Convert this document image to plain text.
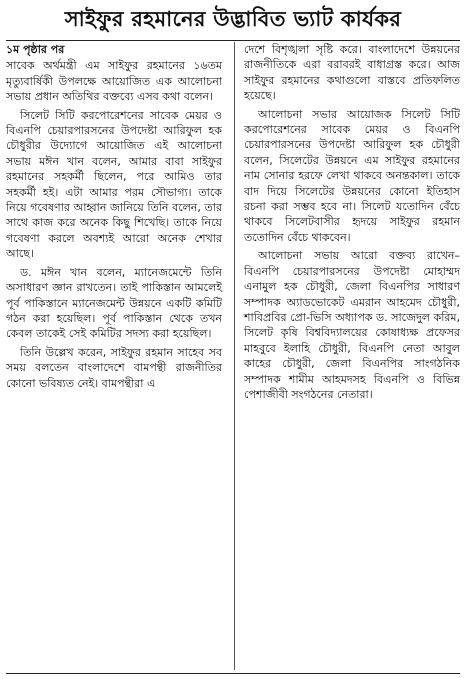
সাইফুর রহমানের উদ্ভাবিত ভ্যাট কার্যকর
১ম পৃষ্ঠার পর

সাবেক অর্থমন্ত্রী এম সাইফুর রহমানের ১৬তম মৃত্যুবার্ষিকী উপলক্ষে আয়োজিত এক আলোচনা সভায় প্রধান অতিথির বক্তব্যে এসব কথা বলেন।

সিলেট সিটি করপোরেশনের সাবেক মেয়র ও বিএনপি চেয়ারপারসনের উপদেষ্টা আরিফুল হক চৌধুরীর উদ্যোগে আয়োজিত এই আলোচনা সভায় মঈন খান বলেন, আমার বাবা সাইফুর রহমানের সহকর্মী ছিলেন, পরে আমিও তার সহকর্মী হই। এটা আমার পরম সৌভাগ্য। তাকে নিয়ে গবেষণার আহ্বান জানিয়ে তিনি বলেন, তার সাথে কাজ করে অনেক কিছু শিখেছি। তাকে নিয়ে গবেষণা করলে অবশ্যই আরো অনেক শেখার আছে।

ড. মঈন খান বলেন, ম্যানেজমেন্টে তিনি অসাধারণ জ্ঞান রাখতেন। তাই পাকিস্তান আমলেই পূর্ব পাকিস্তানে ম্যানেজমেন্ট উন্নয়নে একটি কমিটি গঠন করা হয়েছিল। পূর্ব পাকিস্তান থেকে তখন কেবল তাকেই সেই কমিটির সদস্য করা হয়েছিল।

তিনি উল্লেখ করেন, সাইফুর রহমান সাহেব সব সময় বলতেন বাংলাদেশে বামপন্থী রাজনীতির কোনো ভবিষ্যত নেই। বামপন্থীরা এ

দেশে বিশৃঙ্খলা সৃষ্টি করে। বাংলাদেশে উন্নয়নের রাজনীতিকে এরা বরাবরই বাধাগ্রস্ত করে। আজ সাইফুর রহমানের কথাগুলো বাস্তবে প্রতিফলিত হয়েছে।

আলোচনা সভার আয়োজক সিলেট সিটি করপোরেশনের সাবেক মেয়র ও বিএনপি চেয়ারপারসনের উপদেষ্টা আরিফুল হক চৌধুরী বলেন, সিলেটের উন্নয়নে এম সাইফুর রহমানের নাম সোনার হরফে লেখা থাকবে অনন্তকাল। তাকে বাদ দিয়ে সিলেটের উন্নয়নের কোনো ইতিহাস রচনা করা সম্ভব হবে না। সিলেট যতোদিন বেঁচে থাকবে সিলেটবাসীর হৃদয়ে সাইফুর রহমান ততোদিন বেঁচে থাকবেন।

আলোচনা সভায় আরো বক্তব্য রাখেন– বিএনপি চেয়ারপারসনের উপদেষ্টা মোহাম্মদ এনামুল হক চৌধুরী, জেলা বিএনপির সাধারণ সম্পাদক অ্যাডভোকেট এমরান আহমেদ চৌধুরী, শাবিপ্রবির প্রো-ভিসি অধ্যাপক ড. সাজেদুল করিম, সিলেট কৃষি বিশ্ববিদ্যালয়ের কোষাধ্যক্ষ প্রফেসর মাহবুবে ইলাহি চৌধুরী, বিএনপি নেতা আবুল কাহের চৌধুরী, জেলা বিএনপির সাংগঠনিক সম্পাদক শামীম আহমদসহ বিএনপি ও বিভিন্ন পেশাজীবী সংগঠনের নেতারা।
